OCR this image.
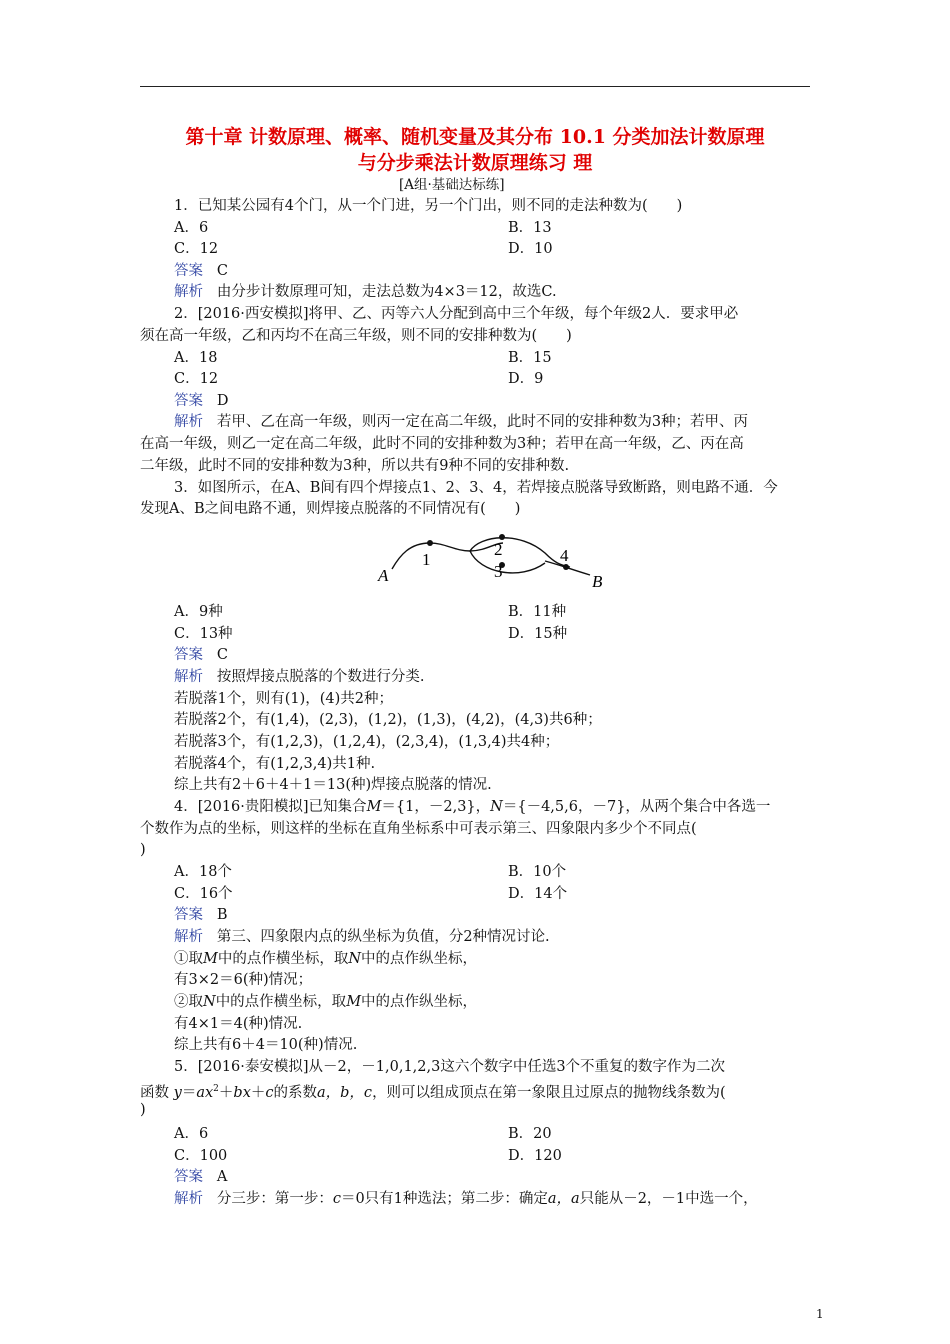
第十章 计数原理、概率、随机变量及其分布 10.1 分类加法计数原理
与分步乘法计数原理练习 理
[A组·基础达标练]
1．已知某公园有4个门，从一个门进，另一个门出，则不同的走法种数为(　　)
A．6	B．13
C．12	D．10
答案 C
解析 由分步计数原理可知，走法总数为4×3＝12，故选C.
2．[2016·西安模拟]将甲、乙、丙等六人分配到高中三个年级，每个年级2人．要求甲必
须在高一年级，乙和丙均不在高三年级，则不同的安排种数为(　　)
A．18	B．15
C．12	D．9
答案 D
解析 若甲、乙在高一年级，则丙一定在高二年级，此时不同的安排种数为3种；若甲、丙
在高一年级，则乙一定在高二年级，此时不同的安排种数为3种；若甲在高一年级，乙、丙在高
二年级，此时不同的安排种数为3种，所以共有9种不同的安排种数.
3．如图所示，在A、B间有四个焊接点1、2、3、4，若焊接点脱落导致断路，则电路不通．今
发现A、B之间电路不通，则焊接点脱落的不同情况有(　　)
A	B
1
2
3
4
A．9种	B．11种
C．13种	D．15种
答案 C
解析 按照焊接点脱落的个数进行分类.
若脱落1个，则有(1)，(4)共2种；
若脱落2个，有(1,4)，(2,3)，(1,2)，(1,3)，(4,2)，(4,3)共6种；
若脱落3个，有(1,2,3)，(1,2,4)，(2,3,4)，(1,3,4)共4种；
若脱落4个，有(1,2,3,4)共1种.
综上共有2＋6＋4＋1＝13(种)焊接点脱落的情况.
4．[2016·贵阳模拟]已知集合M＝{1，－2,3}，N＝{－4,5,6，－7}，从两个集合中各选一
个数作为点的坐标，则这样的坐标在直角坐标系中可表示第三、四象限内多少个不同点(
)
A．18个	B．10个
C．16个	D．14个
答案 B
解析 第三、四象限内点的纵坐标为负值，分2种情况讨论.
①取M中的点作横坐标，取N中的点作纵坐标，
有3×2＝6(种)情况；
②取N中的点作横坐标，取M中的点作纵坐标，
有4×1＝4(种)情况.
综上共有6＋4＝10(种)情况.
5．[2016·泰安模拟]从－2，－1,0,1,2,3这六个数字中任选3个不重复的数字作为二次
函数 $y=ax^2+bx+c$的系数a，b，c，则可以组成顶点在第一象限且过原点的抛物线条数为(
)
A．6	B．20
C．100	D．120
答案 A
解析 分三步：第一步：c＝0只有1种选法；第二步：确定a，a只能从－2，－1中选一个，
1
